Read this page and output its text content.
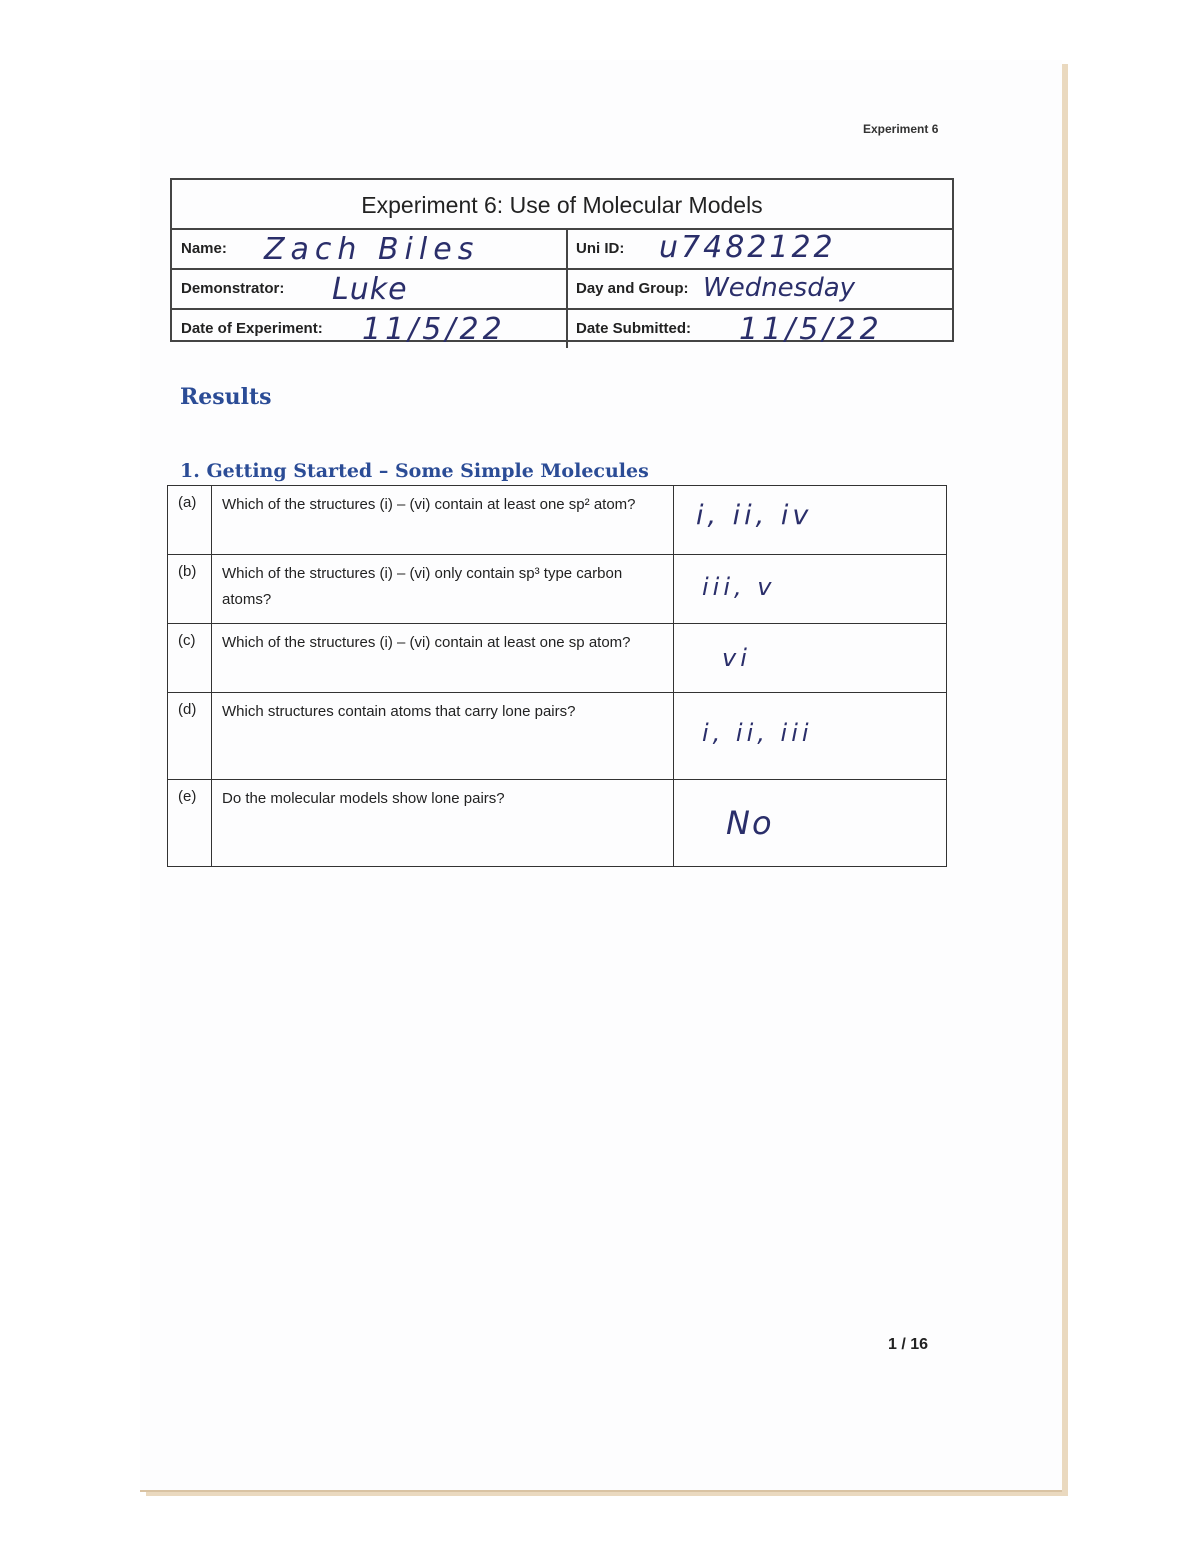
Experiment 6
Experiment 6: Use of Molecular Models
Name: Zach Biles	Uni ID: u7482122
Demonstrator: Luke	Day and Group: Wednesday
Date of Experiment: 11/5/22	Date Submitted: 11/5/22
Results
1. Getting Started – Some Simple Molecules
(a)	Which of the structures (i) – (vi) contain at least one sp² atom?	i, ii, iv

(b)	Which of the structures (i) – (vi) only contain sp³ type carbon atoms?	iii, v

(c)	Which of the structures (i) – (vi) contain at least one sp atom?	vi

(d)	Which structures contain atoms that carry lone pairs?	i, ii, iii

(e)	Do the molecular models show lone pairs?	No
1 / 16
